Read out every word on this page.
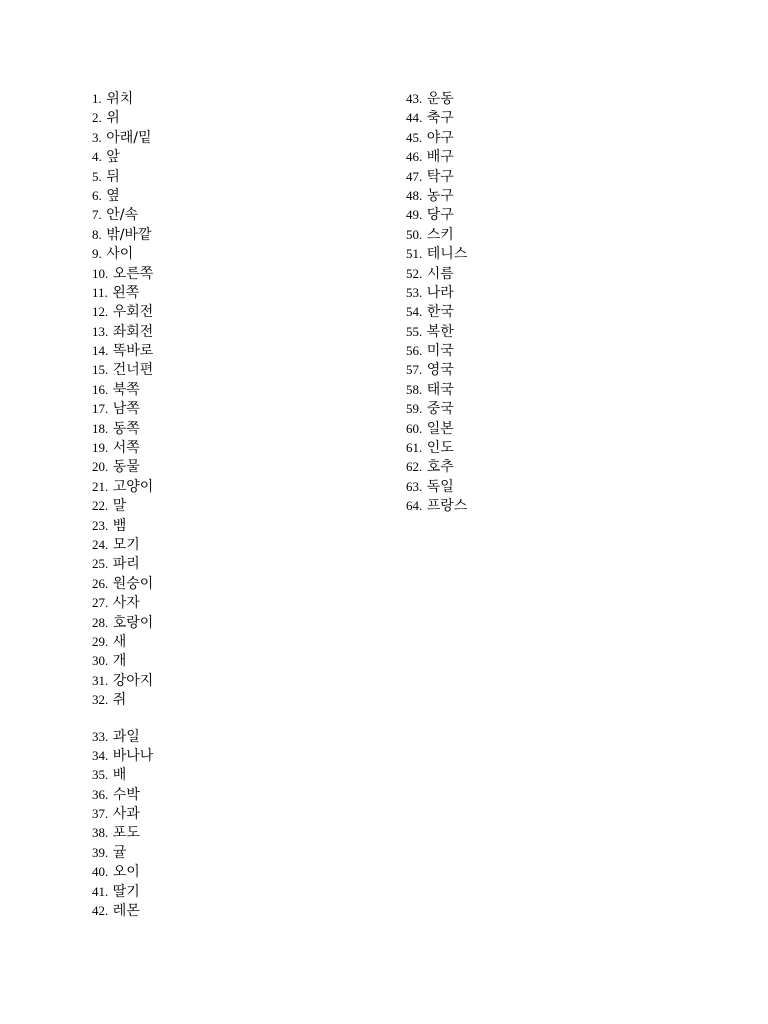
1. 위치
2. 위
3. 아래/밑
4. 앞
5. 뒤
6. 옆
7. 안/속
8. 밖/바깥
9. 사이
10. 오른쪽
11. 왼쪽
12. 우회전
13. 좌회전
14. 똑바로
15. 건너편
16. 북쪽
17. 남쪽
18. 동쪽
19. 서쪽
20. 동물
21. 고양이
22. 말
23. 뱀
24. 모기
25. 파리
26. 원숭이
27. 사자
28. 호랑이
29. 새
30. 개
31. 강아지
32. 쥐
33. 과일
34. 바나나
35. 배
36. 수박
37. 사과
38. 포도
39. 귤
40. 오이
41. 딸기
42. 레몬
43. 운동
44. 축구
45. 야구
46. 배구
47. 탁구
48. 농구
49. 당구
50. 스키
51. 테니스
52. 시름
53. 나라
54. 한국
55. 복한
56. 미국
57. 영국
58. 태국
59. 중국
60. 일본
61. 인도
62. 호추
63. 독일
64. 프랑스
